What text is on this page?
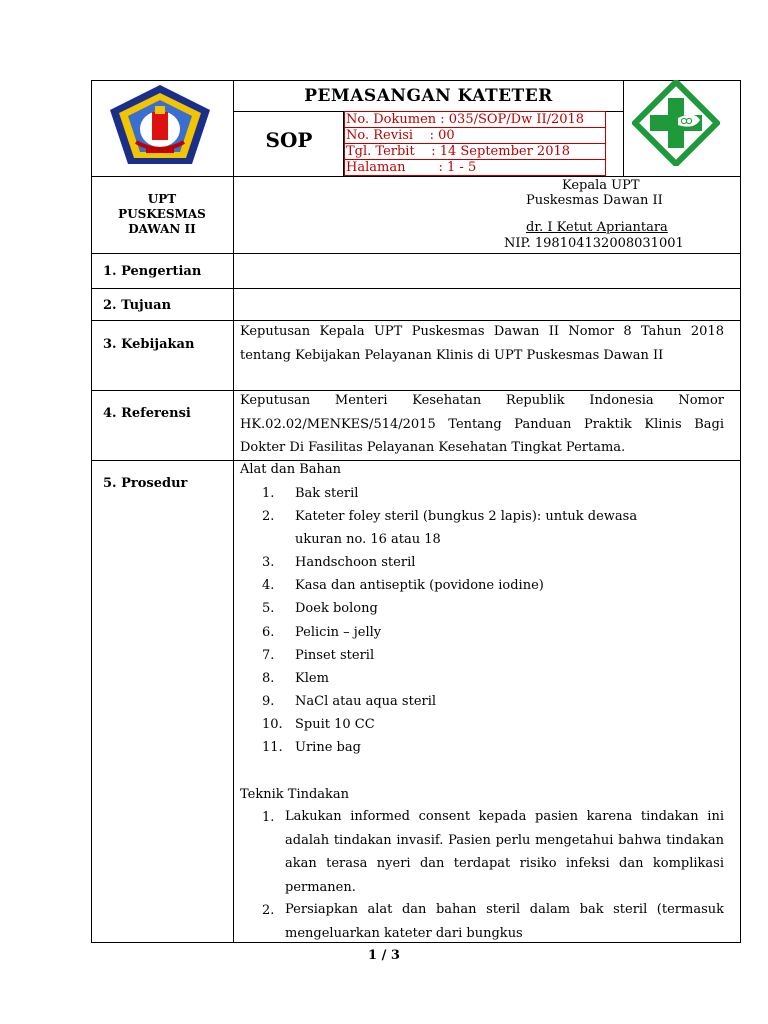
PEMASANGAN KATETER
SOP
No. Dokumen : 035/SOP/Dw II/2018
No. Revisi    : 00
Tgl. Terbit    : 14 September 2018
Halaman        : 1 - 5
UPT
PUSKESMAS
DAWAN II
Kepala UPT
Puskesmas Dawan II
dr. I Ketut Apriantara
NIP. 198104132008031001
1. Pengertian
2. Tujuan
3. Kebijakan
4. Referensi
5. Prosedur
Keputusan Kepala UPT Puskesmas Dawan II Nomor 8 Tahun 2018 tentang Kebijakan Pelayanan Klinis di UPT Puskesmas Dawan II
Keputusan Menteri Kesehatan Republik Indonesia Nomor HK.02.02/MENKES/514/2015 Tentang Panduan Praktik Klinis Bagi Dokter Di Fasilitas Pelayanan Kesehatan Tingkat Pertama.
Alat dan Bahan
1. Bak steril
2. Kateter foley steril (bungkus 2 lapis): untuk dewasa
ukuran no. 16 atau 18
3. Handschoon steril
4. Kasa dan antiseptik (povidone iodine)
5. Doek bolong
6. Pelicin – jelly
7. Pinset steril
8. Klem
9. NaCl atau aqua steril
10. Spuit 10 CC
11. Urine bag
Teknik Tindakan
1. Lakukan informed consent kepada pasien karena tindakan ini adalah tindakan invasif. Pasien perlu mengetahui bahwa tindakan akan terasa nyeri dan terdapat risiko infeksi dan komplikasi permanen.
2. Persiapkan alat dan bahan steril dalam bak steril (termasuk mengeluarkan kateter dari bungkus
1 / 3
